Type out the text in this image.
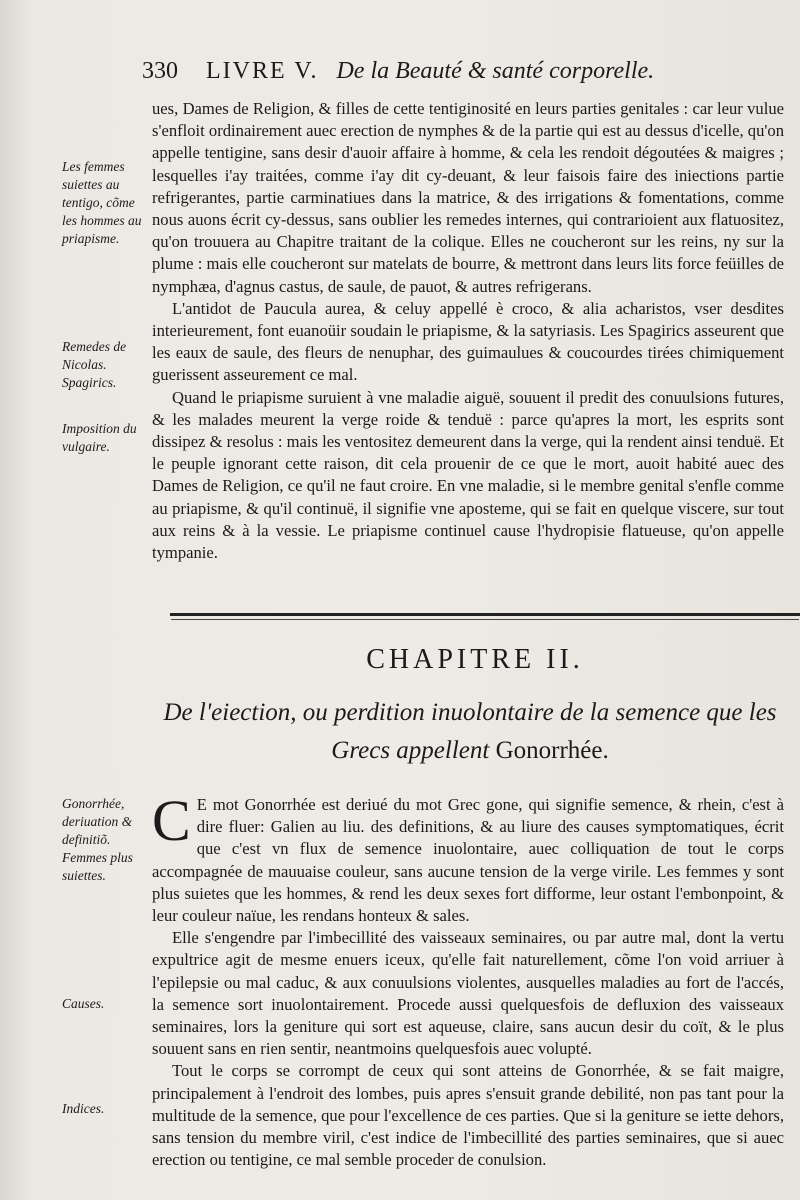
330 LIVRE V. De la Beauté & santé corporelle.
Les femmes suiettes au tentigo, cõme les hommes au priapisme.
Remedes de Nicolas. Spagirics.
Imposition du vulgaire.
Gonorrhée, deriuation & definitiõ. Femmes plus suiettes.
Causes.
Indices.

ues, Dames de Religion, & filles de cette tentiginosité en leurs parties genitales : car leur vulue s'enfloit ordinairement auec erection de nymphes & de la partie qui est au dessus d'icelle, qu'on appelle tentigine, sans desir d'auoir affaire à homme, & cela les rendoit dégoutées & maigres ; lesquelles i'ay traitées, comme i'ay dit cy-deuant, & leur faisois faire des iniections partie refrigerantes, partie carminatiues dans la matrice, & des irrigations & fomentations, comme nous auons écrit cy-dessus, sans oublier les remedes internes, qui contrarioient aux flatuositez, qu'on trouuera au Chapitre traitant de la colique. Elles ne coucheront sur les reins, ny sur la plume : mais elle coucheront sur matelats de bourre, & mettront dans leurs lits force feüilles de nymphæa, d'agnus castus, de saule, de pauot, & autres refrigerans.

L'antidot de Paucula aurea, & celuy appellé è croco, & alia acharistos, vser desdites interieurement, font euanoüir soudain le priapisme, & la satyriasis. Les Spagirics asseurent que les eaux de saule, des fleurs de nenuphar, des guimaulues & coucourdes tirées chimiquement guerissent asseurement ce mal.

Quand le priapisme suruient à vne maladie aiguë, souuent il predit des conuulsions futures, & les malades meurent la verge roide & tenduë : parce qu'apres la mort, les esprits sont dissipez & resolus : mais les ventositez demeurent dans la verge, qui la rendent ainsi tenduë. Et le peuple ignorant cette raison, dit cela prouenir de ce que le mort, auoit habité auec des Dames de Religion, ce qu'il ne faut croire. En vne maladie, si le membre genital s'enfle comme au priapisme, & qu'il continuë, il signifie vne aposteme, qui se fait en quelque viscere, sur tout aux reins & à la vessie. Le priapisme continuel cause l'hydropisie flatueuse, qu'on appelle tympanie.

CHAPITRE II.
De l'eiection, ou perdition inuolontaire de la semence que les Grecs appellent Gonorrhée.

C E mot Gonorrhée est deriué du mot Grec gone, qui signifie semence, & rhein, c'est à dire fluer: Galien au liu. des definitions, & au liure des causes symptomatiques, écrit que c'est vn flux de semence inuolontaire, auec colliquation de tout le corps accompagnée de mauuaise couleur, sans aucune tension de la verge virile. Les femmes y sont plus suietes que les hommes, & rend les deux sexes fort difforme, leur ostant l'embonpoint, & leur couleur naïue, les rendans honteux & sales.

Elle s'engendre par l'imbecillité des vaisseaux seminaires, ou par autre mal, dont la vertu expultrice agit de mesme enuers iceux, qu'elle fait naturellement, cõme l'on void arriuer à l'epilepsie ou mal caduc, & aux conuulsions violentes, ausquelles maladies au fort de l'accés, la semence sort inuolontairement. Procede aussi quelquesfois de defluxion des vaisseaux seminaires, lors la geniture qui sort est aqueuse, claire, sans aucun desir du coït, & le plus souuent sans en rien sentir, neantmoins quelquesfois auec volupté.

Tout le corps se corrompt de ceux qui sont atteins de Gonorrhée, & se fait maigre, principalement à l'endroit des lombes, puis apres s'ensuit grande debilité, non pas tant pour la multitude de la semence, que pour l'excellence de ces parties. Que si la geniture se iette dehors, sans tension du membre viril, c'est indice de l'imbecillité des parties seminaires, que si auec erection ou tentigine, ce mal semble proceder de conulsion.
